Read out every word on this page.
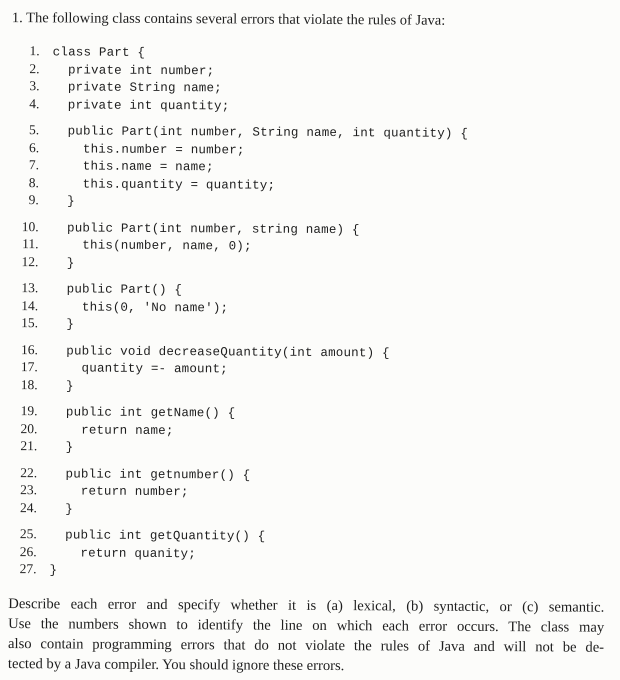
1. The following class contains several errors that violate the rules of Java:

1. class Part {
2. private int number;
3. private String name;
4. private int quantity;
5. public Part(int number, String name, int quantity) {
6. this.number = number;
7. this.name = name;
8. this.quantity = quantity;
9. }
10. public Part(int number, string name) {
11. this(number, name, 0);
12. }
13. public Part() {
14. this(0, 'No name');
15. }
16. public void decreaseQuantity(int amount) {
17. quantity =- amount;
18. }
19. public int getName() {
20. return name;
21. }
22. public int getnumber() {
23. return number;
24. }
25. public int getQuantity() {
26. return quanity;
27. }
Describe each error and specify whether it is (a) lexical, (b) syntactic, or (c) semantic.
Use the numbers shown to identify the line on which each error occurs. The class may
also contain programming errors that do not violate the rules of Java and will not be de-
tected by a Java compiler. You should ignore these errors.
